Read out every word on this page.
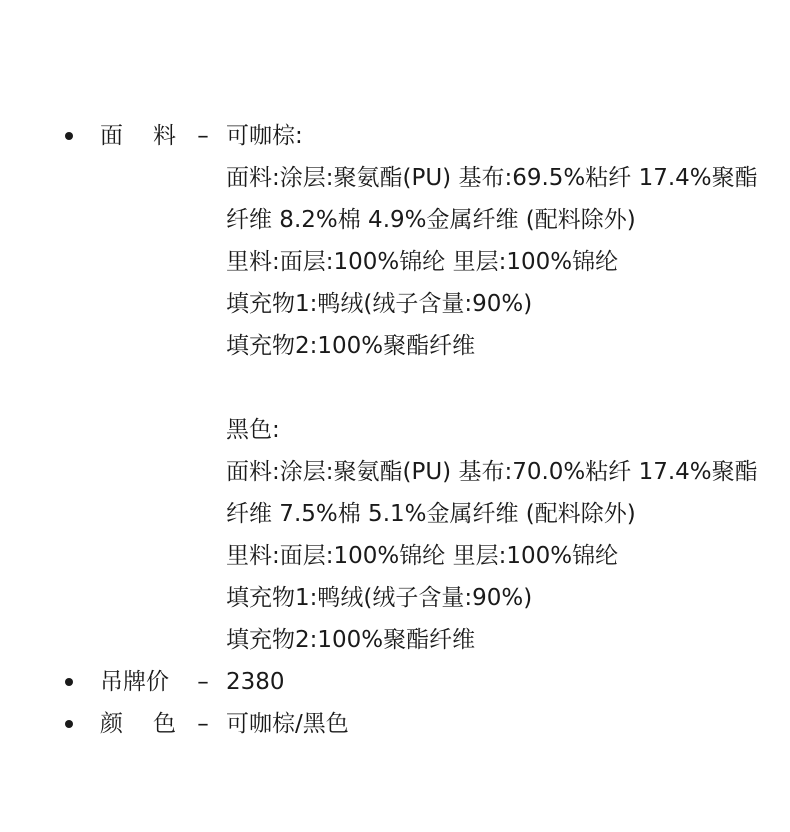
面 料 – 可咖棕:
面料:涂层:聚氨酯(PU) 基布:69.5%粘纤 17.4%聚酯
纤维 8.2%棉 4.9%金属纤维 (配料除外)
里料:面层:100%锦纶 里层:100%锦纶
填充物1:鸭绒(绒子含量:90%)
填充物2:100%聚酯纤维
黑色:
面料:涂层:聚氨酯(PU) 基布:70.0%粘纤 17.4%聚酯
纤维 7.5%棉 5.1%金属纤维 (配料除外)
里料:面层:100%锦纶 里层:100%锦纶
填充物1:鸭绒(绒子含量:90%)
填充物2:100%聚酯纤维
吊牌价	– 2380
颜 色 – 可咖棕/黑色
